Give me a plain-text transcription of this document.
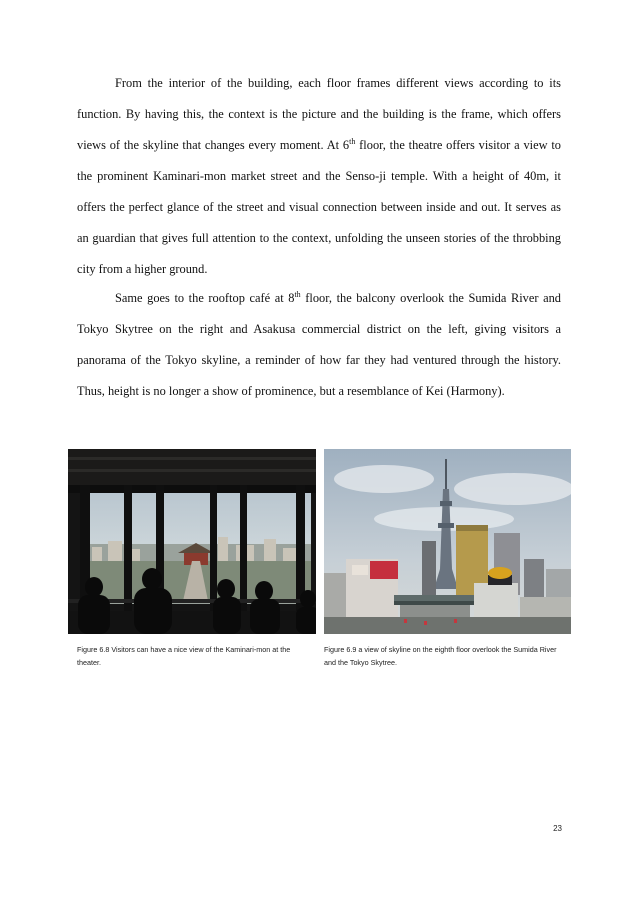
From the interior of the building, each floor frames different views according to its function. By having this, the context is the picture and the building is the frame, which offers views of the skyline that changes every moment. At 6th floor, the theatre offers visitor a view to the prominent Kaminari-mon market street and the Senso-ji temple. With a height of 40m, it offers the perfect glance of the street and visual connection between inside and out. It serves as an guardian that gives full attention to the context, unfolding the unseen stories of the throbbing city from a higher ground.

Same goes to the rooftop café at 8th floor, the balcony overlook the Sumida River and Tokyo Skytree on the right and Asakusa commercial district on the left, giving visitors a panorama of the Tokyo skyline, a reminder of how far they had ventured through the history. Thus, height is no longer a show of prominence, but a resemblance of Kei (Harmony).

Figure 6.8 Visitors can have a nice view of the Kaminari-mon at the theater.

Figure 6.9 a view of skyline on the eighth floor overlook the Sumida River and the Tokyo Skytree.

23
